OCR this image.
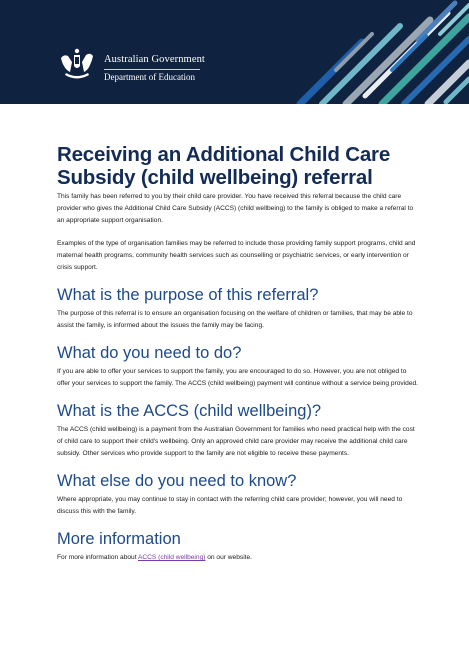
Australian Government
Department of Education
Receiving an Additional Child Care
Subsidy (child wellbeing) referral

This family has been referred to you by their child care provider. You have received this referral because the child care provider who gives the Additional Child Care Subsidy (ACCS) (child wellbeing) to the family is obliged to make a referral to an appropriate support organisation.

Examples of the type of organisation families may be referred to include those providing family support programs, child and maternal health programs, community health services such as counselling or psychiatric services, or early intervention or crisis support.

What is the purpose of this referral?

The purpose of this referral is to ensure an organisation focusing on the welfare of children or families, that may be able to assist the family, is informed about the issues the family may be facing.

What do you need to do?

If you are able to offer your services to support the family, you are encouraged to do so. However, you are not obliged to offer your services to support the family. The ACCS (child wellbeing) payment will continue without a service being provided.

What is the ACCS (child wellbeing)?

The ACCS (child wellbeing) is a payment from the Australian Government for families who need practical help with the cost of child care to support their child's wellbeing. Only an approved child care provider may receive the additional child care subsidy. Other services who provide support to the family are not eligible to receive these payments.

What else do you need to know?

Where appropriate, you may continue to stay in contact with the referring child care provider; however, you will need to discuss this with the family.

More information

For more information about ACCS (child wellbeing) on our website.
